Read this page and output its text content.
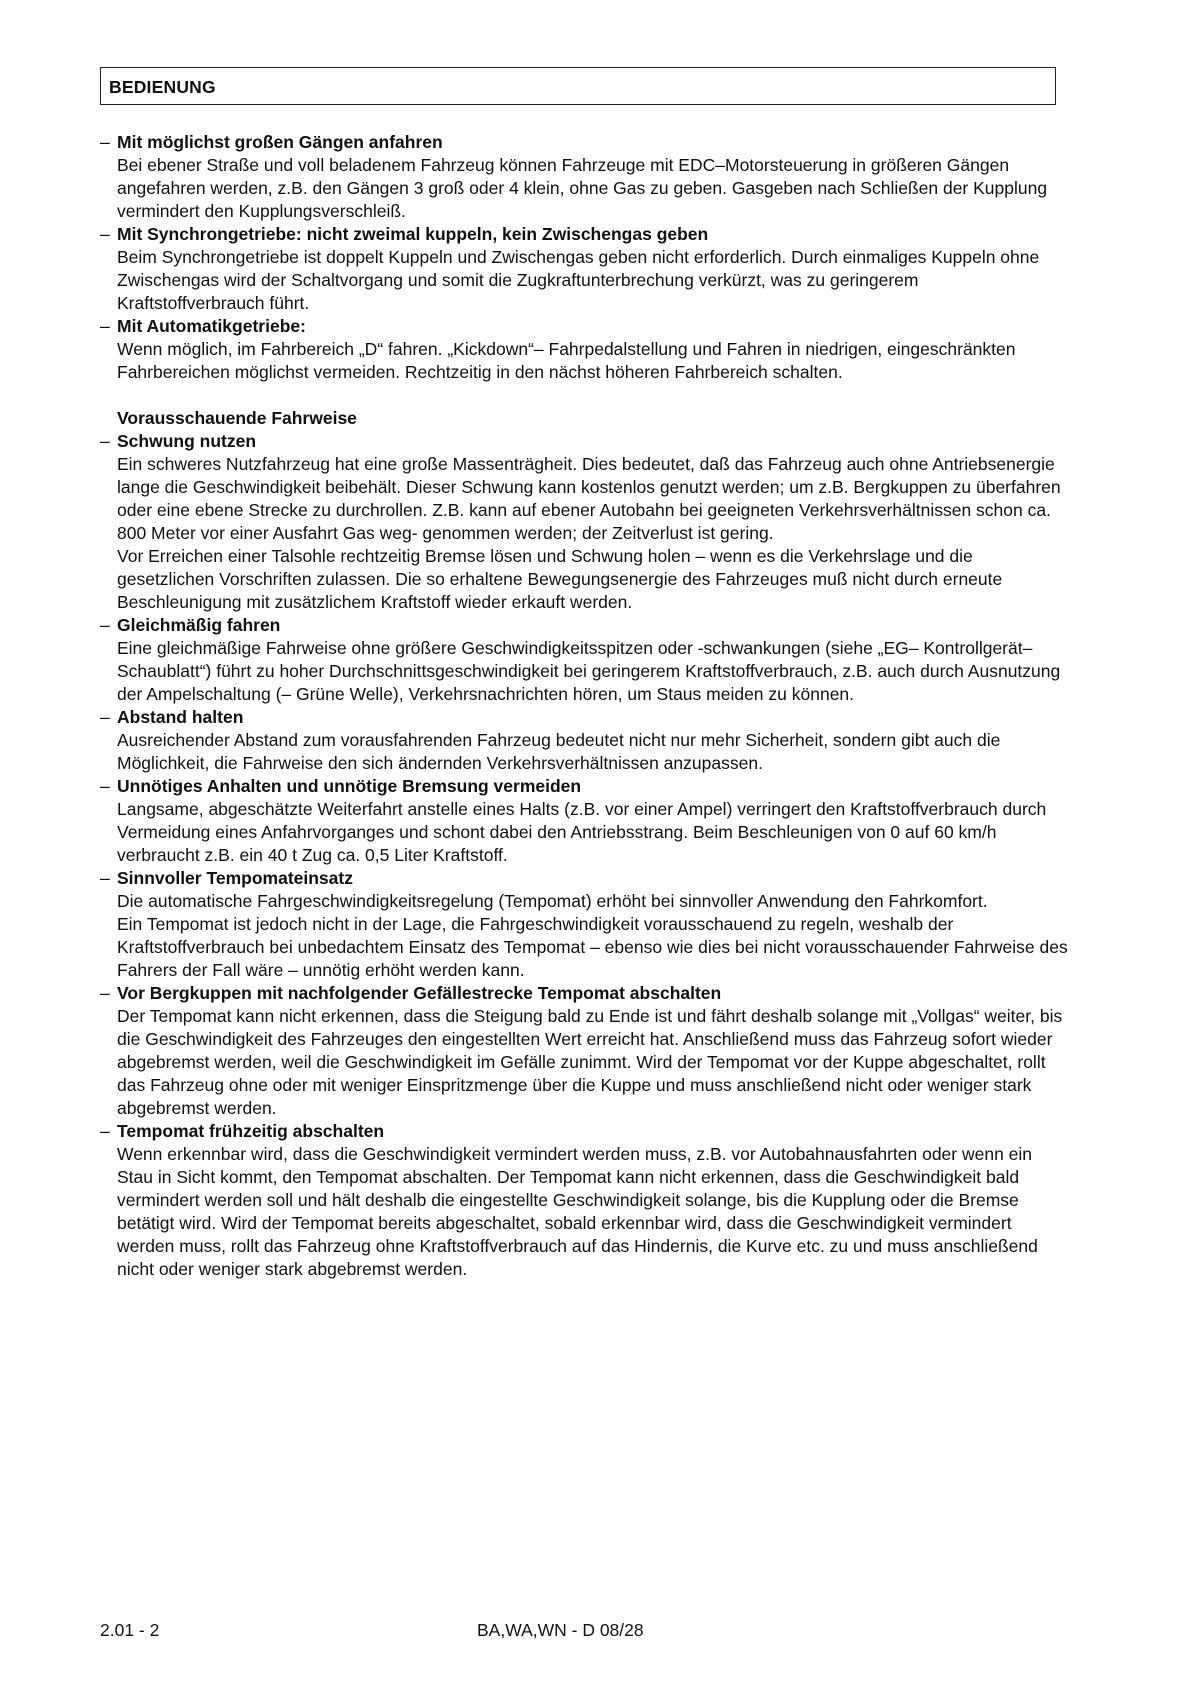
BEDIENUNG
– Mit möglichst großen Gängen anfahren
Bei ebener Straße und voll beladenem Fahrzeug können Fahrzeuge mit EDC–Motorsteuerung in größeren Gängen angefahren werden, z.B. den Gängen 3 groß oder 4 klein, ohne Gas zu geben. Gasgeben nach Schließen der Kupplung vermindert den Kupplungsverschleiß.
– Mit Synchrongetriebe: nicht zweimal kuppeln, kein Zwischengas geben
Beim Synchrongetriebe ist doppelt Kuppeln und Zwischengas geben nicht erforderlich. Durch einmaliges Kuppeln ohne Zwischengas wird der Schaltvorgang und somit die Zugkraftunterbrechung verkürzt, was zu geringerem Kraftstoffverbrauch führt.
– Mit Automatikgetriebe:
Wenn möglich, im Fahrbereich „D“ fahren. „Kickdown“– Fahrpedalstellung und Fahren in niedrigen, eingeschränkten Fahrbereichen möglichst vermeiden. Rechtzeitig in den nächst höheren Fahrbereich schalten.
Vorausschauende Fahrweise
– Schwung nutzen
Ein schweres Nutzfahrzeug hat eine große Massenträgheit. Dies bedeutet, daß das Fahrzeug auch ohne Antriebsenergie lange die Geschwindigkeit beibehält. Dieser Schwung kann kostenlos genutzt werden; um z.B. Bergkuppen zu überfahren oder eine ebene Strecke zu durchrollen. Z.B. kann auf ebener Autobahn bei geeigneten Verkehrsverhältnissen schon ca. 800 Meter vor einer Ausfahrt Gas weg- genommen werden; der Zeitverlust ist gering.
Vor Erreichen einer Talsohle rechtzeitig Bremse lösen und Schwung holen – wenn es die Verkehrslage und die gesetzlichen Vorschriften zulassen. Die so erhaltene Bewegungsenergie des Fahrzeuges muß nicht durch erneute Beschleunigung mit zusätzlichem Kraftstoff wieder erkauft werden.
– Gleichmäßig fahren
Eine gleichmäßige Fahrweise ohne größere Geschwindigkeitsspitzen oder -schwankungen (siehe „EG– Kontrollgerät–Schaublatt“) führt zu hoher Durchschnittsgeschwindigkeit bei geringerem Kraftstoffverbrauch, z.B. auch durch Ausnutzung der Ampelschaltung (– Grüne Welle), Verkehrsnachrichten hören, um Staus meiden zu können.
– Abstand halten
Ausreichender Abstand zum vorausfahrenden Fahrzeug bedeutet nicht nur mehr Sicherheit, sondern gibt auch die Möglichkeit, die Fahrweise den sich ändernden Verkehrsverhältnissen anzupassen.
– Unnötiges Anhalten und unnötige Bremsung vermeiden
Langsame, abgeschätzte Weiterfahrt anstelle eines Halts (z.B. vor einer Ampel) verringert den Kraftstoffverbrauch durch Vermeidung eines Anfahrvorganges und schont dabei den Antriebsstrang. Beim Beschleunigen von 0 auf 60 km/h verbraucht z.B. ein 40 t Zug ca. 0,5 Liter Kraftstoff.
– Sinnvoller Tempomateinsatz
Die automatische Fahrgeschwindigkeitsregelung (Tempomat) erhöht bei sinnvoller Anwendung den Fahrkomfort.
Ein Tempomat ist jedoch nicht in der Lage, die Fahrgeschwindigkeit vorausschauend zu regeln, weshalb der Kraftstoffverbrauch bei unbedachtem Einsatz des Tempomat – ebenso wie dies bei nicht vorausschauender Fahrweise des Fahrers der Fall wäre – unnötig erhöht werden kann.
– Vor Bergkuppen mit nachfolgender Gefällestrecke Tempomat abschalten
Der Tempomat kann nicht erkennen, dass die Steigung bald zu Ende ist und fährt deshalb solange mit „Vollgas“ weiter, bis die Geschwindigkeit des Fahrzeuges den eingestellten Wert erreicht hat. Anschließend muss das Fahrzeug sofort wieder abgebremst werden, weil die Geschwindigkeit im Gefälle zunimmt. Wird der Tempomat vor der Kuppe abgeschaltet, rollt das Fahrzeug ohne oder mit weniger Einspritzmenge über die Kuppe und muss anschließend nicht oder weniger stark abgebremst werden.
– Tempomat frühzeitig abschalten
Wenn erkennbar wird, dass die Geschwindigkeit vermindert werden muss, z.B. vor Autobahnausfahrten oder wenn ein Stau in Sicht kommt, den Tempomat abschalten. Der Tempomat kann nicht erkennen, dass die Geschwindigkeit bald vermindert werden soll und hält deshalb die eingestellte Geschwindigkeit solange, bis die Kupplung oder die Bremse betätigt wird. Wird der Tempomat bereits abgeschaltet, sobald erkennbar wird, dass die Geschwindigkeit vermindert werden muss, rollt das Fahrzeug ohne Kraftstoffverbrauch auf das Hindernis, die Kurve etc. zu und muss anschließend nicht oder weniger stark abgebremst werden.
2.01 - 2	BA,WA,WN - D 08/28
